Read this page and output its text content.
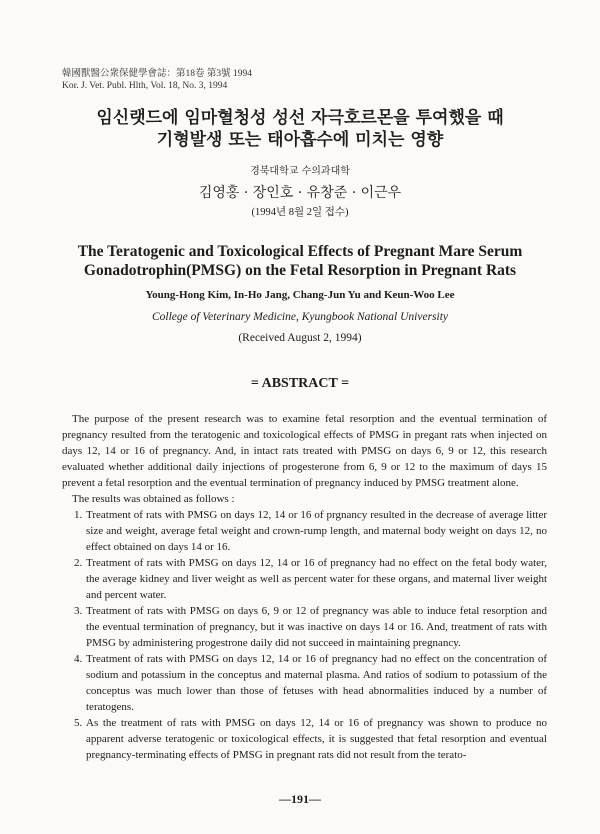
韓國獸醫公衆保健學會誌：第18卷 第3號 1994
Kor. J. Vet. Publ. Hlth, Vol. 18, No. 3, 1994
임신랫드에 임마혈청성 성선 자극호르몬을 투여했을 때
기형발생 또는 태아흡수에 미치는 영향
경북대학교 수의과대학
김영홍 · 장인호 · 유창준 · 이근우
(1994년 8월 2일 접수)
The Teratogenic and Toxicological Effects of Pregnant Mare Serum
Gonadotrophin(PMSG) on the Fetal Resorption in Pregnant Rats
Young-Hong Kim, In-Ho Jang, Chang-Jun Yu and Keun-Woo Lee
College of Veterinary Medicine, Kyungbook National University
(Received August 2, 1994)
= ABSTRACT =

The purpose of the present research was to examine fetal resorption and the eventual termination of pregnancy resulted from the teratogenic and toxicological effects of PMSG in pregant rats when injected on days 12, 14 or 16 of pregnancy. And, in intact rats treated with PMSG on days 6, 9 or 12, this research evaluated whether additional daily injections of progesterone from 6, 9 or 12 to the maximum of days 15 prevent a fetal resorption and the eventual termination of pregnancy induced by PMSG treatment alone.

The results was obtained as follows :

1. Treatment of rats with PMSG on days 12, 14 or 16 of prgnancy resulted in the decrease of average litter size and weight, average fetal weight and crown-rump length, and maternal body weight on days 12, no effect obtained on days 14 or 16.
2. Treatment of rats with PMSG on days 12, 14 or 16 of pregnancy had no effect on the fetal body water, the average kidney and liver weight as well as percent water for these organs, and maternal liver weight and percent water.
3. Treatment of rats with PMSG on days 6, 9 or 12 of pregnancy was able to induce fetal resorption and the eventual termination of pregnancy, but it was inactive on days 14 or 16. And, treatment of rats with PMSG by administering progestrone daily did not succeed in maintaining pregnancy.
4. Treatment of rats with PMSG on days 12, 14 or 16 of pregnancy had no effect on the concentration of sodium and potassium in the conceptus and maternal plasma. And ratios of sodium to potassium of the conceptus was much lower than those of fetuses with head abnormalities induced by a number of teratogens.
5. As the treatment of rats with PMSG on days 12, 14 or 16 of pregnancy was shown to produce no apparent adverse teratogenic or toxicological effects, it is suggested that fetal resorption and eventual pregnancy-terminating effects of PMSG in pregnant rats did not result from the terato-
—191—
